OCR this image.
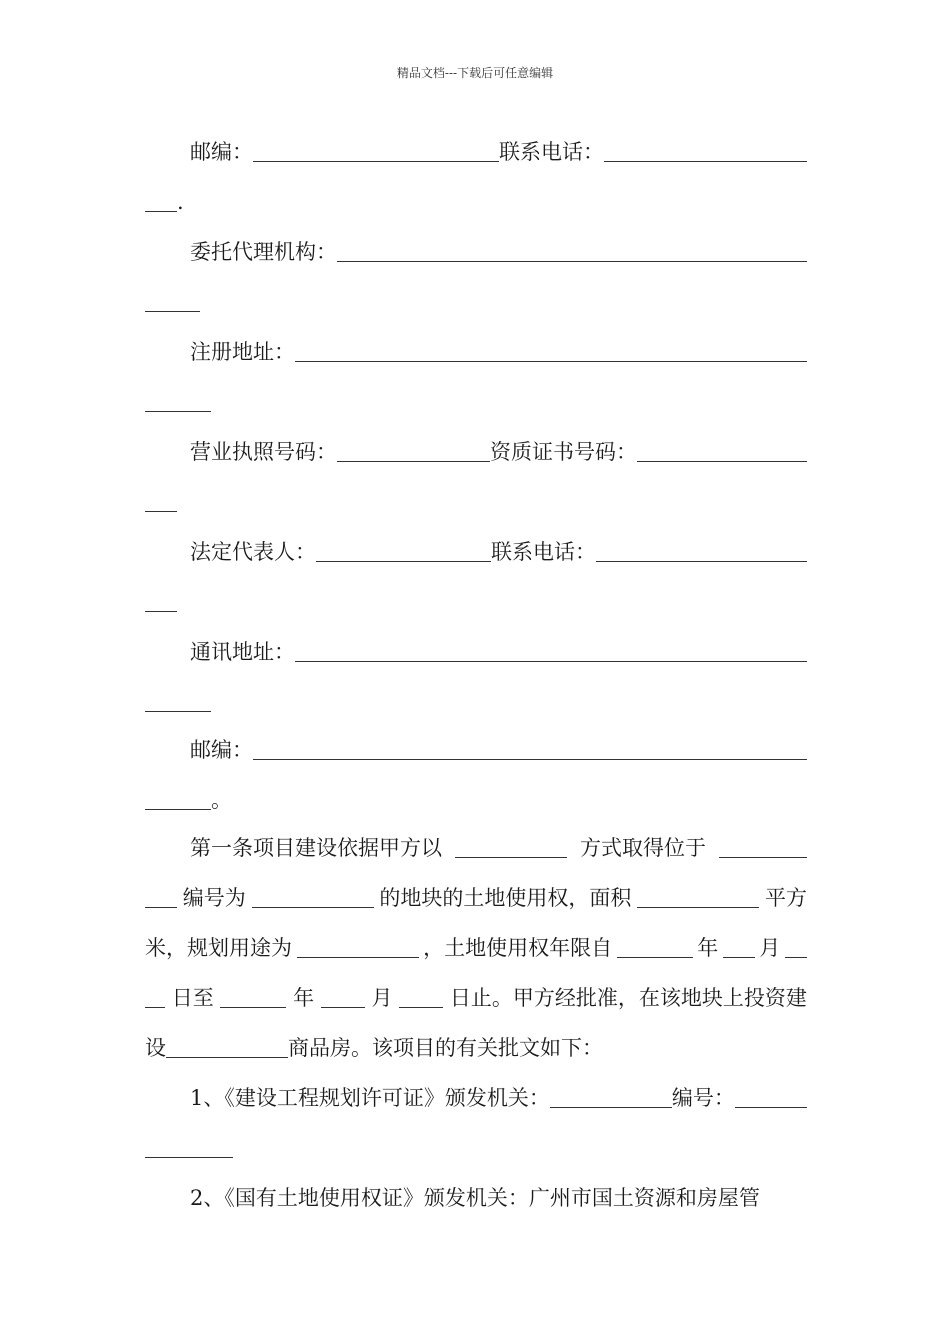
精品文档---下载后可任意编辑
邮编：	联系电话：
.
委托代理机构：
注册地址：
营业执照号码：	资质证书号码：
法定代表人：	联系电话：
通讯地址：
邮编：
。
第一条项目建设依据甲方以	方式取得位于
编号为	的地块的土地使用权，面积	平方
米，规划用途为	，土地使用权年限自	年 月
日至	年	月	日止。甲方经批准，在该地块上投资建
设	商品房。该项目的有关批文如下：
1、《建设工程规划许可证》颁发机关：	编号：
2、《国有土地使用权证》颁发机关：广州市国土资源和房屋管
